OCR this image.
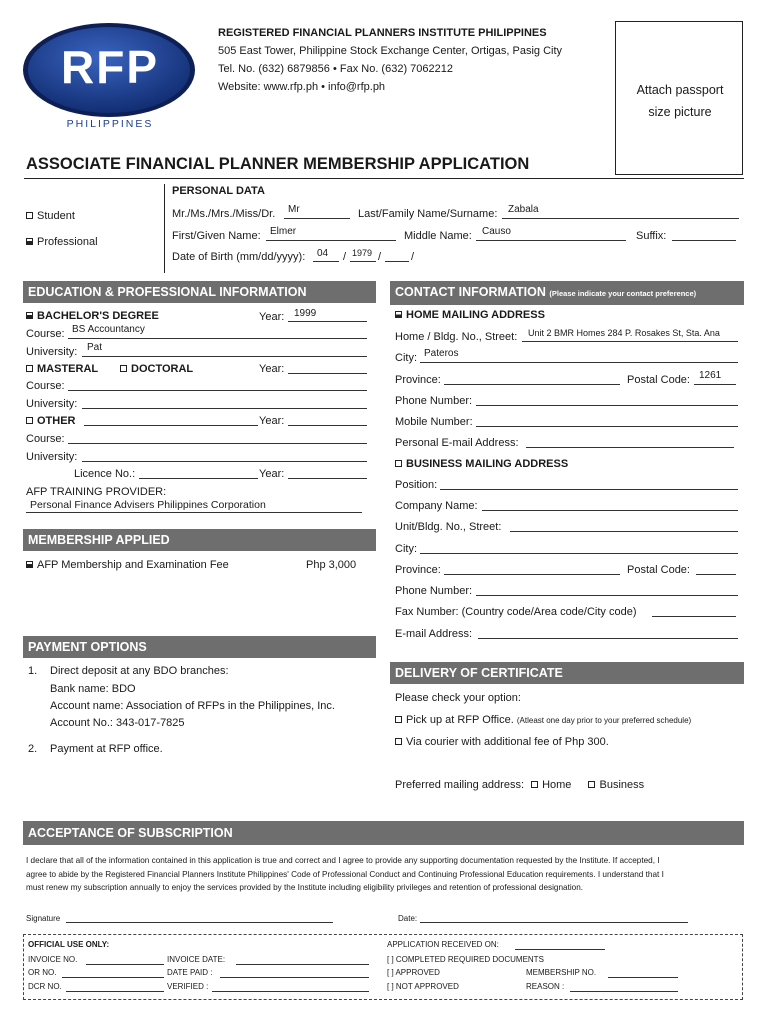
RFP
PHILIPPINES
REGISTERED FINANCIAL PLANNERS INSTITUTE PHILIPPINES
505 East Tower, Philippine Stock Exchange Center, Ortigas, Pasig City
Tel. No. (632) 6879856 • Fax No. (632) 7062212
Website: www.rfp.ph • info@rfp.ph	Attach passport
size picture
ASSOCIATE FINANCIAL PLANNER MEMBERSHIP APPLICATION
Student
Professional
PERSONAL DATA
Mr./Ms./Mrs./Miss/Dr. Mr	Last/Family Name/Surname: Zabala
First/Given Name: Elmer	Middle Name: Causo	Suffix:
Date of Birth (mm/dd/yyyy): 04 / 1979 /	/
EDUCATION & PROFESSIONAL INFORMATION
BACHELOR'S DEGREE	Year: 1999
Course: BS Accountancy
University: Pat
MASTERAL	DOCTORAL	Year:
Course:
University:
OTHER	Year:
Course:
University:
Licence No.:	Year:
AFP TRAINING PROVIDER:
Personal Finance Advisers Philippines Corporation
MEMBERSHIP APPLIED
AFP Membership and Examination Fee	Php 3,000
PAYMENT OPTIONS
1. Direct deposit at any BDO branches:
Bank name: BDO
Account name: Association of RFPs in the Philippines, Inc.
Account No.: 343-017-7825
2. Payment at RFP office.
CONTACT INFORMATION (Please indicate your contact preference)
HOME MAILING ADDRESS
Home / Bldg. No., Street: Unit 2 BMR Homes 284 P. Rosakes St, Sta. Ana
City: Pateros
Province:	Postal Code: 1261
Phone Number:
Mobile Number:
Personal E-mail Address:
BUSINESS MAILING ADDRESS
Position:
Company Name:
Unit/Bldg. No., Street:
City:
Province:	Postal Code:
Phone Number:
Fax Number: (Country code/Area code/City code)
E-mail Address:
DELIVERY OF CERTIFICATE
Please check your option:
Pick up at RFP Office. (Atleast one day prior to your preferred schedule)
Via courier with additional fee of Php 300.
Preferred mailing address: Home	Business
ACCEPTANCE OF SUBSCRIPTION
I declare that all of the information contained in this application is true and correct and I agree to provide any supporting documentation requested by the Institute. If accepted, I
agree to abide by the Registered Financial Planners Institute Philippines' Code of Professional Conduct and Continuing Professional Education requirements. I understand that I
must renew my subscription annually to enjoy the services provided by the Institute including eligibility privileges and retention of professional designation.
Signature	Date:
OFFICIAL USE ONLY:
INVOICE NO.	INVOICE DATE:
OR NO.	DATE PAID :
DCR NO.	VERIFIED :
APPLICATION RECEIVED ON:
[ ] COMPLETED REQUIRED DOCUMENTS
[ ] APPROVED	MEMBERSHIP NO.
[ ] NOT APPROVED	REASON :
